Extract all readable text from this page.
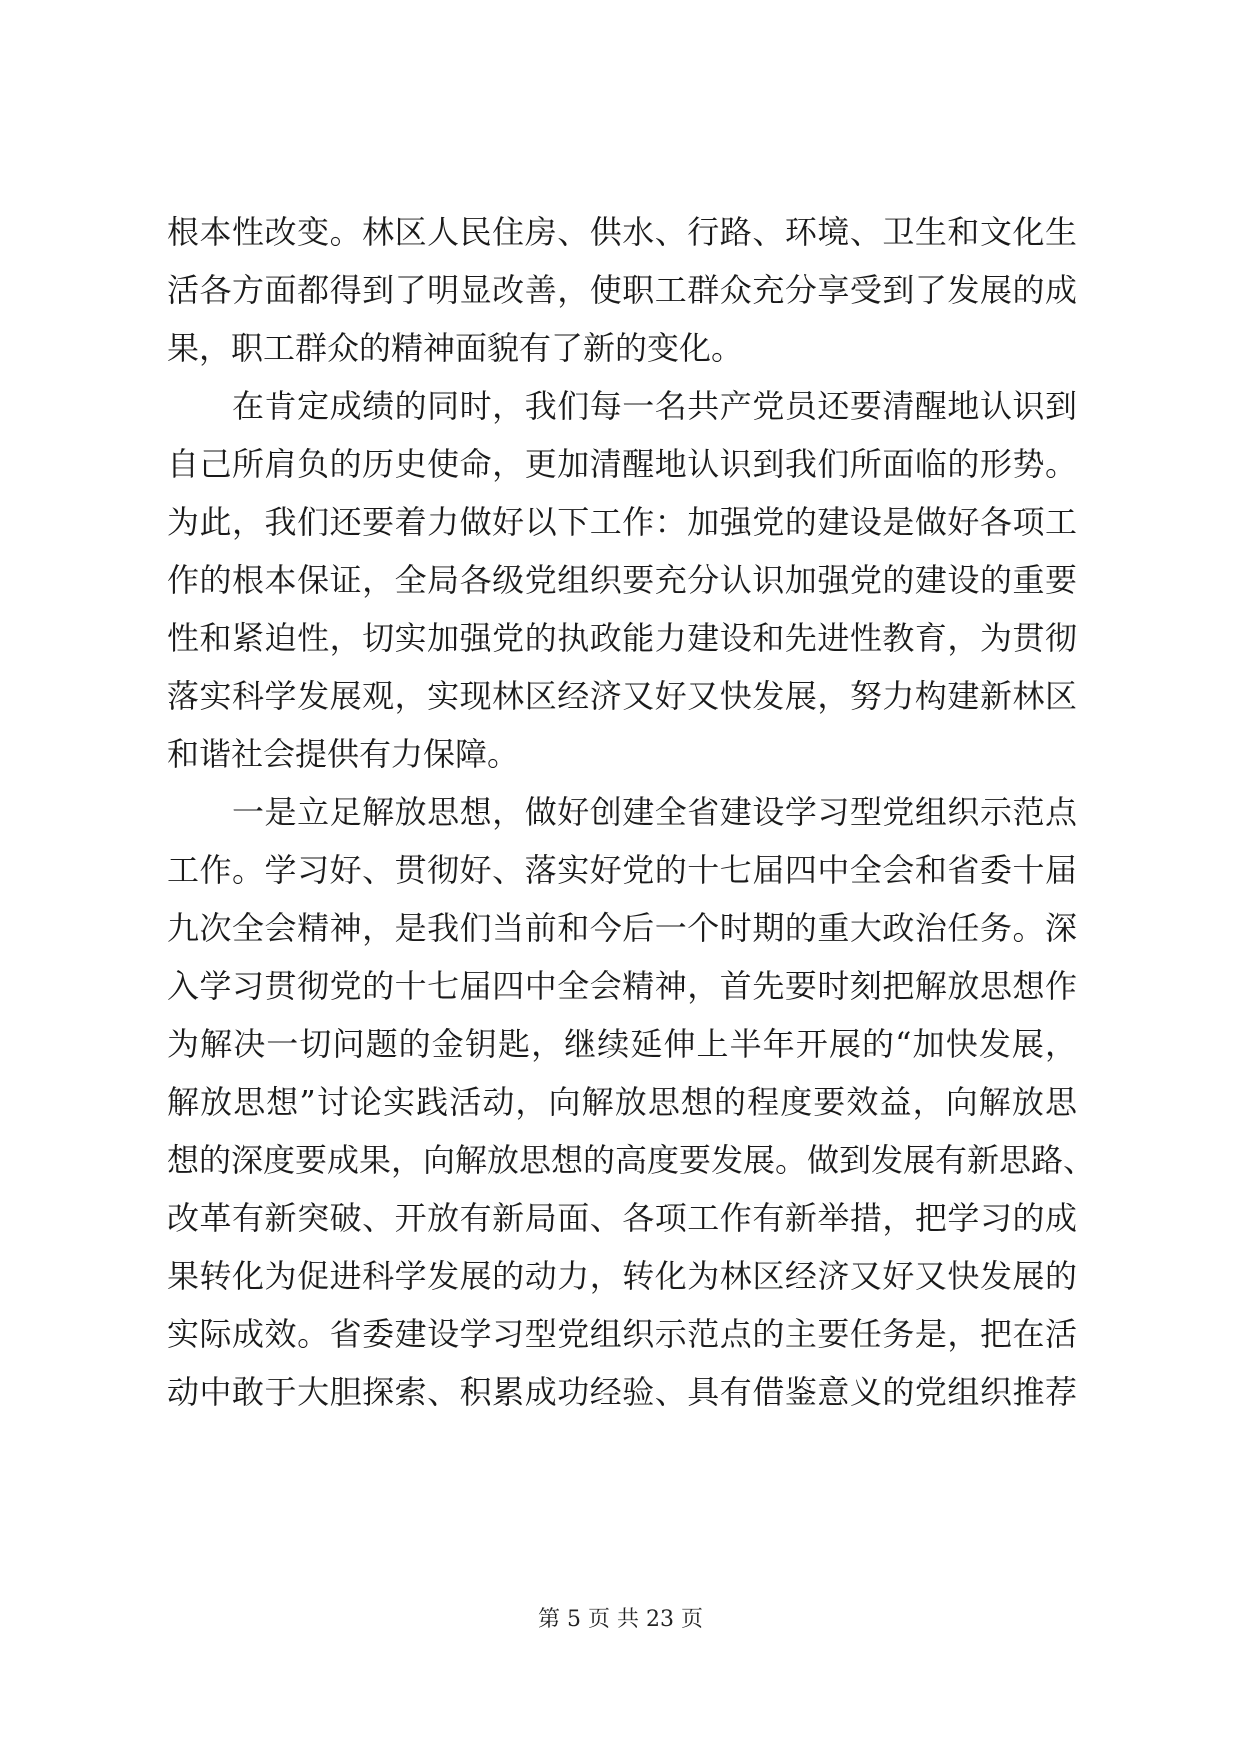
根本性改变。林区人民住房、供水、行路、环境、卫生和文化生
活各方面都得到了明显改善，使职工群众充分享受到了发展的成
果，职工群众的精神面貌有了新的变化。
　　在肯定成绩的同时，我们每一名共产党员还要清醒地认识到
自己所肩负的历史使命，更加清醒地认识到我们所面临的形势。
为此，我们还要着力做好以下工作：加强党的建设是做好各项工
作的根本保证，全局各级党组织要充分认识加强党的建设的重要
性和紧迫性，切实加强党的执政能力建设和先进性教育，为贯彻
落实科学发展观，实现林区经济又好又快发展，努力构建新林区
和谐社会提供有力保障。
　　一是立足解放思想，做好创建全省建设学习型党组织示范点
工作。学习好、贯彻好、落实好党的十七届四中全会和省委十届
九次全会精神，是我们当前和今后一个时期的重大政治任务。深
入学习贯彻党的十七届四中全会精神，首先要时刻把解放思想作
为解决一切问题的金钥匙，继续延伸上半年开展的“加快发展，
解放思想”讨论实践活动，向解放思想的程度要效益，向解放思
想的深度要成果，向解放思想的高度要发展。做到发展有新思路、
改革有新突破、开放有新局面、各项工作有新举措，把学习的成
果转化为促进科学发展的动力，转化为林区经济又好又快发展的
实际成效。省委建设学习型党组织示范点的主要任务是，把在活
动中敢于大胆探索、积累成功经验、具有借鉴意义的党组织推荐
第 5 页 共 23 页
